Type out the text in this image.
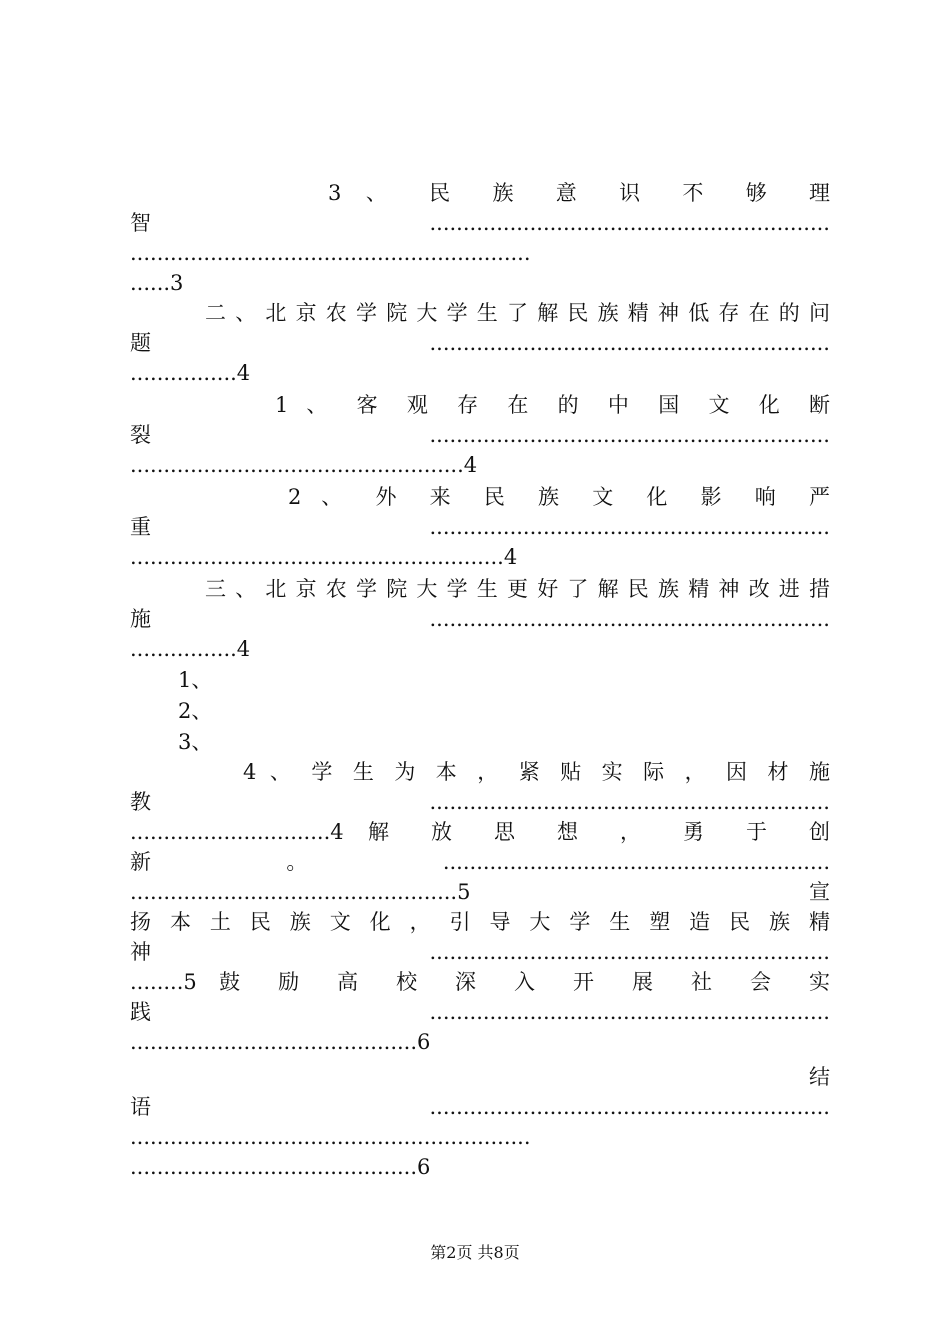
3 、 民 族 意 识 不 够 理
智............................................................
............................................................
......3
二、北京农学院大学生了解民族精神低存在的问
题............................................................
................4
1 、 客 观 存 在 的 中 国 文 化 断
裂............................................................
..................................................4
2 、 外 来 民 族 文 化 影 响 严
重............................................................
........................................................4
三、北京农学院大学生更好了解民族精神改进措
施............................................................
................4
1、
2、
3、
4 、 学 生 为 本 ， 紧 贴 实 际 ， 因 材 施
教............................................................
..............................4 解 放 思 想 ， 勇 于 创
新。..........................................................
.................................................5 宣
扬 本 土 民 族 文 化 ， 引 导 大 学 生 塑 造 民 族 精
神............................................................
........5 鼓 励 高 校 深 入 开 展 社 会 实
践............................................................
...........................................6
结
语............................................................
............................................................
...........................................6
第2页 共8页
